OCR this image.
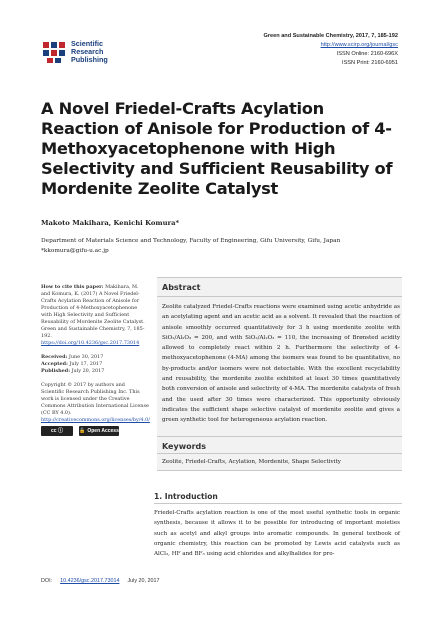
Scientific
Research
Publishing
Green and Sustainable Chemistry, 2017, 7, 185-192
http://www.scirp.org/journal/gsc
ISSN Online: 2160-696X
ISSN Print: 2160-6951
A Novel Friedel-Crafts Acylation Reaction of Anisole for Production of 4-Methoxyacetophenone with High Selectivity and Sufficient Reusability of Mordenite Zeolite Catalyst
Makoto Makihara, Kenichi Komura*
Department of Materials Science and Technology, Faculty of Engineering, Gifu University, Gifu, Japan
*kkomura@gifu-u.ac.jp
How to cite this paper: Makihara, M. and Komura, K. (2017) A Novel Friedel-Crafts Acylation Reaction of Anisole for Production of 4-Methoxyacetophenone with High Selectivity and Sufficient Reusability of Mordenite Zeolite Catalyst. Green and Sustainable Chemistry, 7, 185-192. https://doi.org/10.4236/gsc.2017.73014
Received: June 30, 2017
Accepted: July 17, 2017
Published: July 20, 2017
Copyright © 2017 by authors and Scientific Research Publishing Inc. This work is licensed under the Creative Commons Attribution International License (CC BY 4.0). http://creativecommons.org/licenses/by/4.0/
cc ⓘ	🔓 Open Access
Abstract

Zeolite catalyzed Friedel-Crafts reactions were examined using acetic anhydride as an acetylating agent and an acetic acid as a solvent. It revealed that the reaction of anisole smoothly occurred quantitatively for 3 h using mordenite zeolite with SiO₂/Al₂O₃ = 200, and with SiO₂/Al₂O₃ = 110, the increasing of Brønsted acidity allowed to completely react within 2 h. Furthermore the selectivity of 4-methoxyacetophenone (4-MA) among the isomers was found to be quantitative, no by-products and/or isomers were not detectable. With the excellent recyclability and reusability, the mordenite zeolite exhibited at least 30 times quantitatively both conversion of anisole and selectivity of 4-MA. The mordenite catalysts of fresh and the used after 30 times were characterized. This opportunity obviously indicates the sufficient shape selective catalyst of mordenite zeolite and gives a green synthetic tool for heterogeneous acylation reaction.

Keywords

Zeolite, Friedel-Crafts, Acylation, Mordenite, Shape Selectivity

1. Introduction

Friedel-Crafts acylation reaction is one of the most useful synthetic tools in organic synthesis, because it allows it to be possible for introducing of important moieties such as acetyl and alkyl groups into aromatic compounds. In general textbook of organic chemistry, this reaction can be promoted by Lewis acid catalysts such as AlCl₃, HF and BF₃ using acid chlorides and alkylhalides for pro-

DOI: 10.4236/gsc.2017.73014 July 20, 2017
